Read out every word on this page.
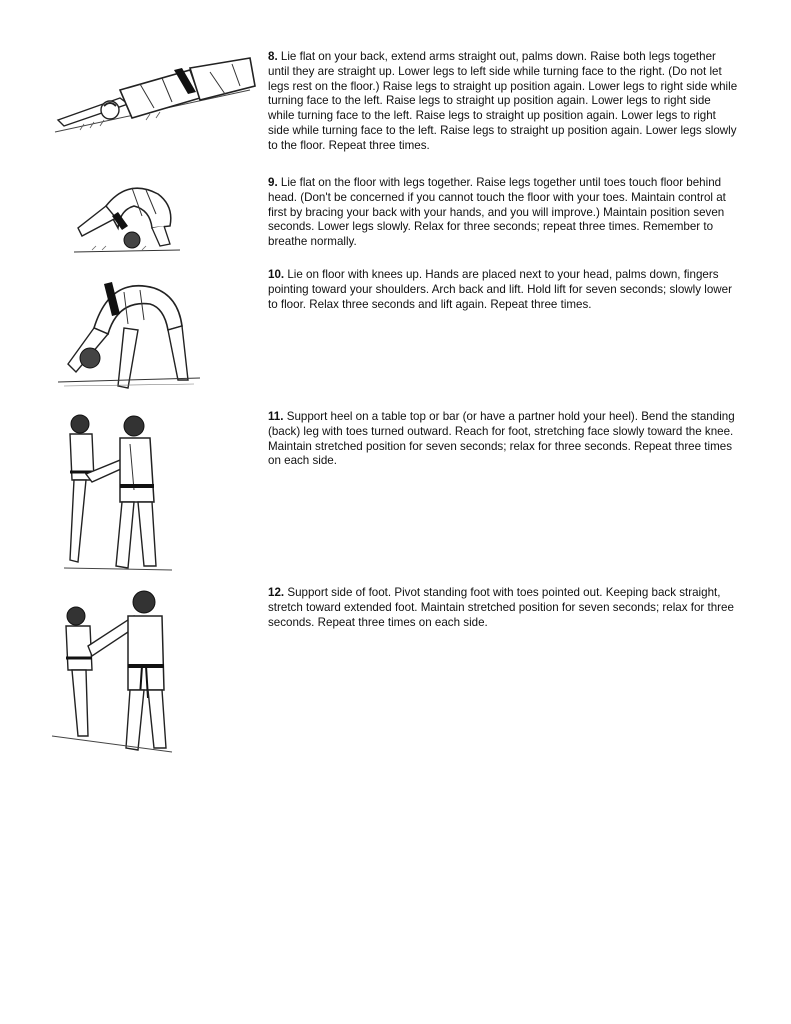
8. Lie flat on your back, extend arms straight out, palms down. Raise both legs together until they are straight up. Lower legs to left side while turning face to the right. (Do not let legs rest on the floor.) Raise legs to straight up position again. Lower legs to right side while turning face to the left. Raise legs to straight up position again. Lower legs to right side while turning face to the left. Raise legs to straight up position again. Lower legs to right side while turning face to the left. Raise legs to straight up position again. Lower legs slowly to the floor. Repeat three times.
9. Lie flat on the floor with legs together. Raise legs together until toes touch floor behind head. (Don't be concerned if you cannot touch the floor with your toes. Maintain control at first by bracing your back with your hands, and you will improve.) Maintain position seven seconds. Lower legs slowly. Relax for three seconds; repeat three times. Remember to breathe normally.
10. Lie on floor with knees up. Hands are placed next to your head, palms down, fingers pointing toward your shoulders. Arch back and lift. Hold lift for seven seconds; slowly lower to floor. Relax three seconds and lift again. Repeat three times.
11. Support heel on a table top or bar (or have a partner hold your heel). Bend the standing (back) leg with toes turned outward. Reach for foot, stretching face slowly toward the knee. Maintain stretched position for seven seconds; relax for three seconds. Repeat three times on each side.
12. Support side of foot. Pivot standing foot with toes pointed out. Keeping back straight, stretch toward extended foot. Maintain stretched position for seven seconds; relax for three seconds. Repeat three times on each side.
